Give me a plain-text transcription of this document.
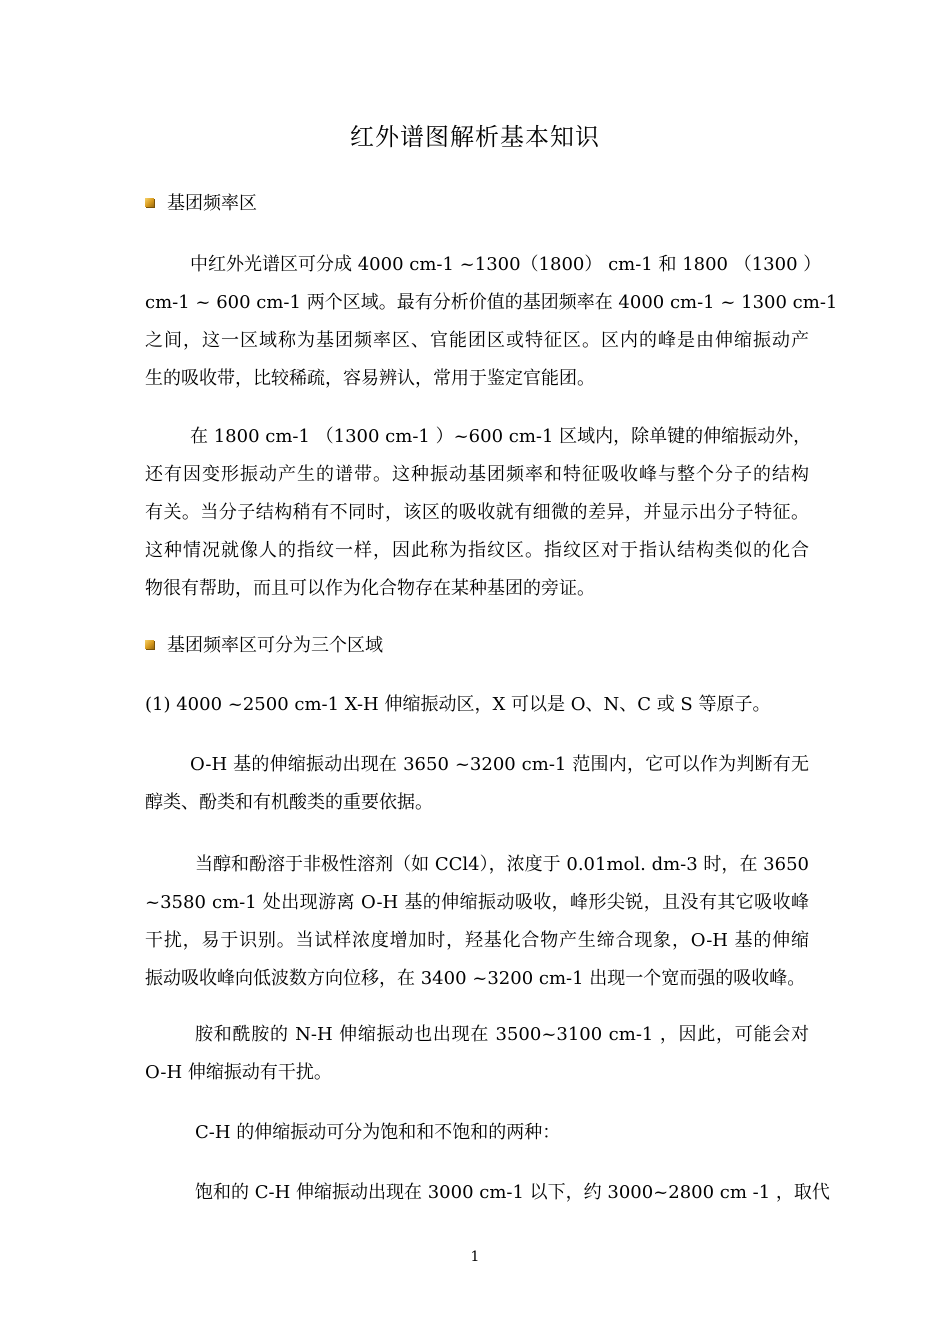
红外谱图解析基本知识
基团频率区
中红外光谱区可分成 4000 cm-1 ~1300（1800） cm-1 和 1800 （1300 ）
cm-1 ~ 600 cm-1 两个区域。最有分析价值的基团频率在 4000 cm-1 ~ 1300 cm-1
之间，这一区域称为基团频率区、官能团区或特征区。区内的峰是由伸缩振动产
生的吸收带，比较稀疏，容易辨认，常用于鉴定官能团。
在 1800 cm-1 （1300 cm-1 ）~600 cm-1 区域内，除单键的伸缩振动外，
还有因变形振动产生的谱带。这种振动基团频率和特征吸收峰与整个分子的结构
有关。当分子结构稍有不同时，该区的吸收就有细微的差异，并显示出分子特征。
这种情况就像人的指纹一样，因此称为指纹区。指纹区对于指认结构类似的化合
物很有帮助，而且可以作为化合物存在某种基团的旁证。
基团频率区可分为三个区域
(1) 4000 ~2500 cm-1 X-H 伸缩振动区，X 可以是 O、N、C 或 S 等原子。
O-H 基的伸缩振动出现在 3650 ~3200 cm-1 范围内，它可以作为判断有无
醇类、酚类和有机酸类的重要依据。
当醇和酚溶于非极性溶剂（如 CCl4），浓度于 0.01mol. dm-3 时，在 3650
~3580 cm-1 处出现游离 O-H 基的伸缩振动吸收，峰形尖锐，且没有其它吸收峰
干扰，易于识别。当试样浓度增加时，羟基化合物产生缔合现象，O-H 基的伸缩
振动吸收峰向低波数方向位移，在 3400 ~3200 cm-1 出现一个宽而强的吸收峰。
胺和酰胺的 N-H 伸缩振动也出现在 3500~3100 cm-1 ，因此，可能会对
O-H 伸缩振动有干扰。
C-H 的伸缩振动可分为饱和和不饱和的两种：
饱和的 C-H 伸缩振动出现在 3000 cm-1 以下，约 3000~2800 cm -1 ，取代
1
